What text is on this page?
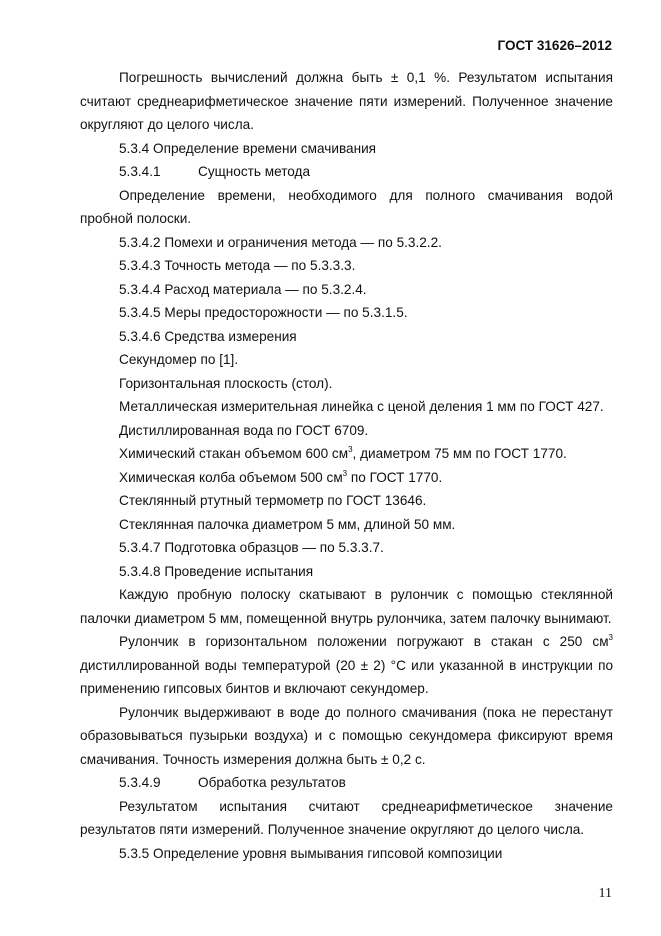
ГОСТ 31626–2012

Погрешность вычислений должна быть ± 0,1 %. Результатом испытания считают среднеарифметическое значение пяти измерений. Полученное значение округляют до целого числа.

5.3.4 Определение времени смачивания

5.3.4.1	Сущность метода

Определение времени, необходимого для полного смачивания водой пробной полоски.

5.3.4.2 Помехи и ограничения метода — по 5.3.2.2.

5.3.4.3 Точность метода — по 5.3.3.3.

5.3.4.4 Расход материала — по 5.3.2.4.

5.3.4.5 Меры предосторожности — по 5.3.1.5.

5.3.4.6 Средства измерения

Секундомер по [1].

Горизонтальная плоскость (стол).

Металлическая измерительная линейка с ценой деления 1 мм по ГОСТ 427.

Дистиллированная вода по ГОСТ 6709.

Химический стакан объемом 600 $см^3$, диаметром 75 мм по ГОСТ 1770.

Химическая колба объемом 500 $см^3$ по ГОСТ 1770.

Стеклянный ртутный термометр по ГОСТ 13646.

Стеклянная палочка диаметром 5 мм, длиной 50 мм.

5.3.4.7 Подготовка образцов — по 5.3.3.7.

5.3.4.8 Проведение испытания

Каждую пробную полоску скатывают в рулончик с помощью стеклянной палочки диаметром 5 мм, помещенной внутрь рулончика, затем палочку вынимают.

Рулончик в горизонтальном положении погружают в стакан с 250 $см^3$ дистиллированной воды температурой (20 ± 2) °С или указанной в инструкции по применению гипсовых бинтов и включают секундомер.

Рулончик выдерживают в воде до полного смачивания (пока не перестанут образовываться пузырьки воздуха) и с помощью секундомера фиксируют время смачивания. Точность измерения должна быть ± 0,2 с.

5.3.4.9	Обработка результатов

Результатом испытания считают среднеарифметическое значение результатов пяти измерений. Полученное значение округляют до целого числа.

5.3.5 Определение уровня вымывания гипсовой композиции

11
